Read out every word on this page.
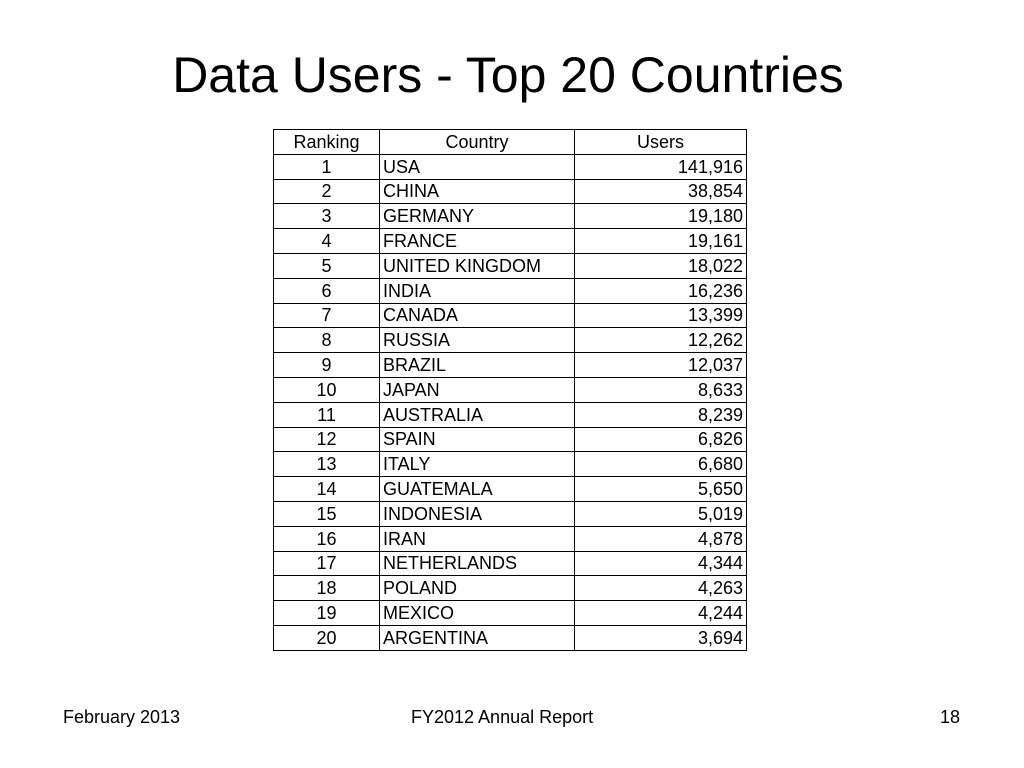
Data Users - Top 20 Countries
Ranking	Country	Users
1	USA	141,916
2	CHINA	38,854
3	GERMANY	19,180
4	FRANCE	19,161
5	UNITED KINGDOM	18,022
6	INDIA	16,236
7	CANADA	13,399
8	RUSSIA	12,262
9	BRAZIL	12,037
10	JAPAN	8,633
11	AUSTRALIA	8,239
12	SPAIN	6,826
13	ITALY	6,680
14	GUATEMALA	5,650
15	INDONESIA	5,019
16	IRAN	4,878
17	NETHERLANDS	4,344
18	POLAND	4,263
19	MEXICO	4,244
20	ARGENTINA	3,694
February 2013	FY2012 Annual Report	18
